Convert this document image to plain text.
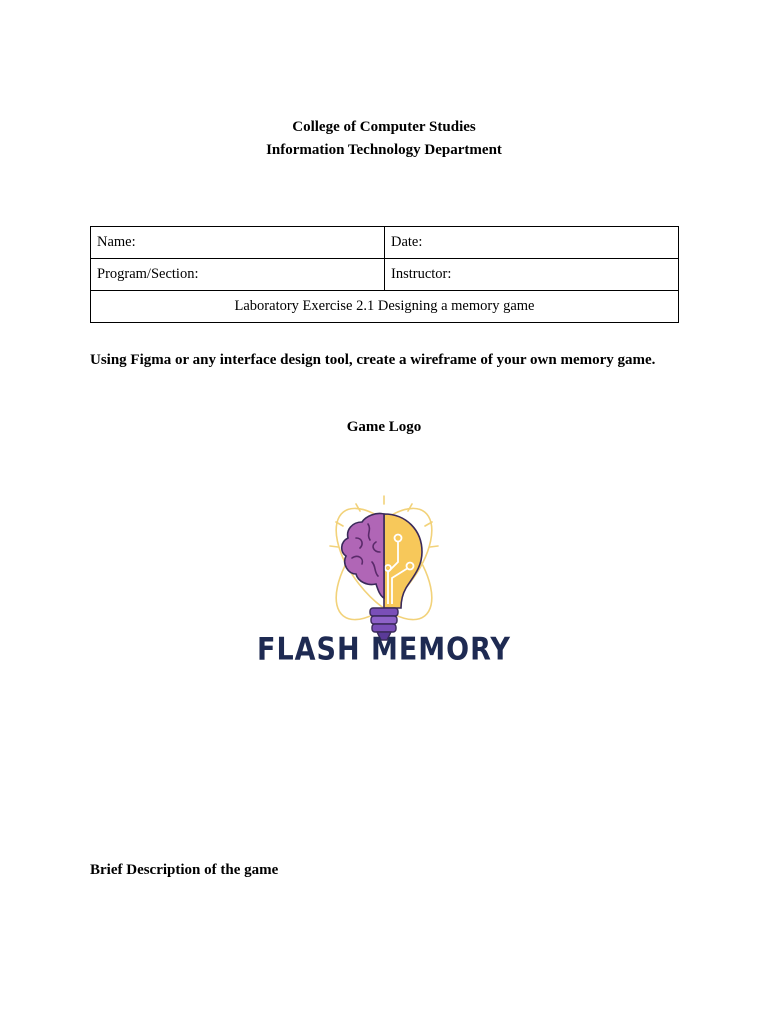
College of Computer Studies
Information Technology Department
Name:	Date:
Program/Section:	Instructor:
Laboratory Exercise 2.1 Designing a memory game	
Using Figma or any interface design tool, create a wireframe of your own memory game.
Game Logo
FLASH MEMORY
Brief Description of the game
